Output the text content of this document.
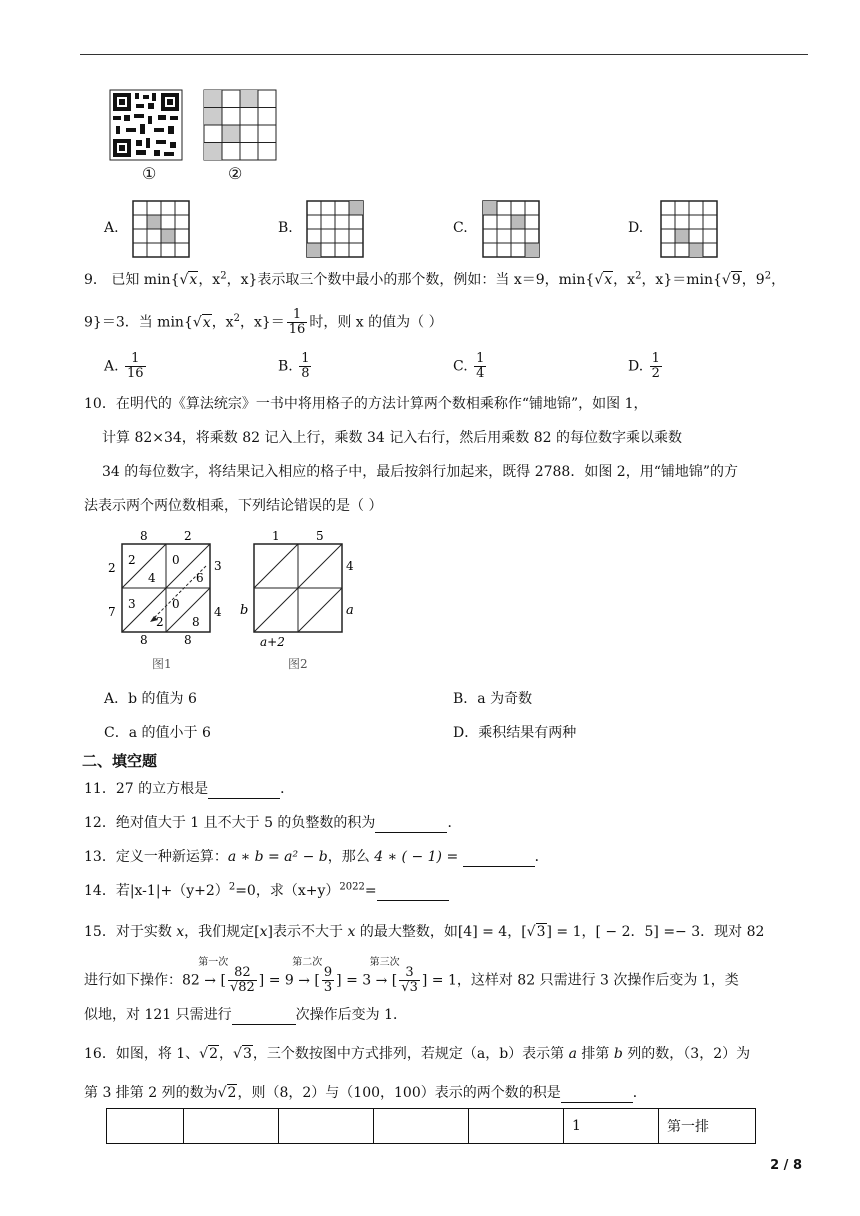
①	②
A.	B.	C.	D.
9． 已知 min{√x，$x^2$，x}表示取三个数中最小的那个数，例如：当 x＝9，min{√x，$x^2$，x}＝min{√9，$9^2$，
9}＝3．当 min{√x，$x^2$，$x\}= \frac{1}{16}$ 时，则 x 的值为（ ）
A. $\frac{1}{16}$	B. $\frac{1}{8}$	C. $\frac{1}{4}$	D. $\frac{1}{2}$
10．在明代的《算法统宗》一书中将用格子的方法计算两个数相乘称作“铺地锦”，如图 1，
计算 82×34，将乘数 82 记入上行，乘数 34 记入右行，然后用乘数 82 的每位数字乘以乘数
34 的每位数字，将结果记入相应的格子中，最后按斜行加起来，既得 2788．如图 2，用“铺地锦”的方
法表示两个两位数相乘，下列结论错误的是（ ）
8	2
3
4
2
7
8	8
2
4
0
6
3
2
0
8
图1
1	5
4
a
b
a+2
图2
A．b 的值为 6	B．a 为奇数
C．a 的值小于 6	D．乘积结果有两种
二、填空题
11．27 的立方根是	．
12．绝对值大于 1 且不大于 5 的负整数的积为	．
13．定义一种新运算：a ∗ b = a² − b，那么 4 ∗ ( − 1) =	．
14．若$|x-1|+(y+2)^2=0$，求$(x+y)^{2022}=$
15．对于实数 x，我们规定[x]表示不大于 x 的最大整数，如[4] = 4，[√3] = 1，[ − 2．5] =− 3．现对 82
进行如下操作：82
第一次
→ [ $\frac{82}{√82}$ ] = 9
第二次
→ [ $\frac{9}{3}$ ] = 3
第三次
→ [ $\frac{3}{√3}$ ] = 1，这样对 82 只需进行 3 次操作后变为 1，类
似地，对 121 只需进行	次操作后变为 1．
16．如图，将 1、√2，√3，三个数按图中方式排列，若规定（a，b）表示第 a 排第 b 列的数，（3，2）为
第 3 排第 2 列的数为√2，则（8，2）与（100，100）表示的两个数的积是	．
					1	第一排
2 / 8
